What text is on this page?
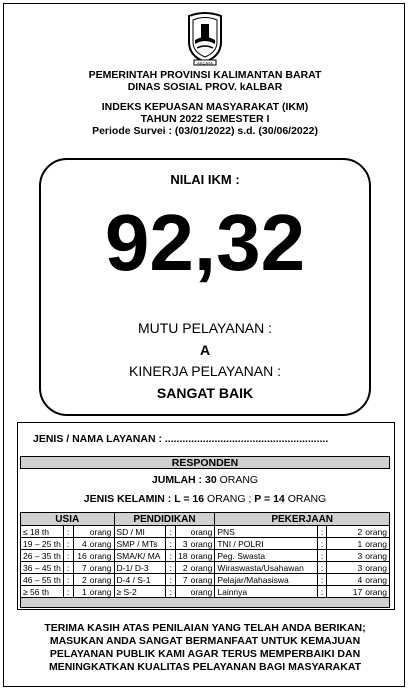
AKCAYA
PEMERINTAH PROVINSI KALIMANTAN BARAT
DINAS SOSIAL PROV. kALBAR
INDEKS KEPUASAN MASYARAKAT (IKM)
TAHUN 2022 SEMESTER I
Periode Survei : (03/01/2022) s.d. (30/06/2022)
NILAI IKM :
92,32
MUTU PELAYANAN :
A
KINERJA PELAYANAN :
SANGAT BAIK
JENIS / NAMA LAYANAN : ........................................................
RESPONDEN
JUMLAH : 30 ORANG
JENIS KELAMIN : L = 16 ORANG ; P = 14 ORANG
USIA			PENDIDIKAN			PEKERJAAN		
≤ 18 th	:	orang	SD / MI	:	orang	PNS	:	2 orang
19 – 25 th	:	4 orang	SMP / MTs	:	3 orang	TNI / POLRI	:	1 orang
26 – 35 th	:	16 orang	SMA/K/ MA	:	18 orang	Peg. Swasta	:	3 orang
36 – 45 th	:	7 orang	D-1/ D-3	:	2 orang	Wiraswasta/Usahawan	:	3 orang
46 – 55 th	:	2 orang	D-4 / S-1	:	7 orang	Pelajar/Mahasiswa	:	4 orang
≥ 56 th	:	1 orang	≥ S-2	:	orang	Lainnya	:	17 orang

TERIMA KASIH ATAS PENILAIAN YANG TELAH ANDA BERIKAN;
MASUKAN ANDA SANGAT BERMANFAAT UNTUK KEMAJUAN
PELAYANAN PUBLIK KAMI AGAR TERUS MEMPERBAIKI DAN
MENINGKATKAN KUALITAS PELAYANAN BAGI MASYARAKAT
